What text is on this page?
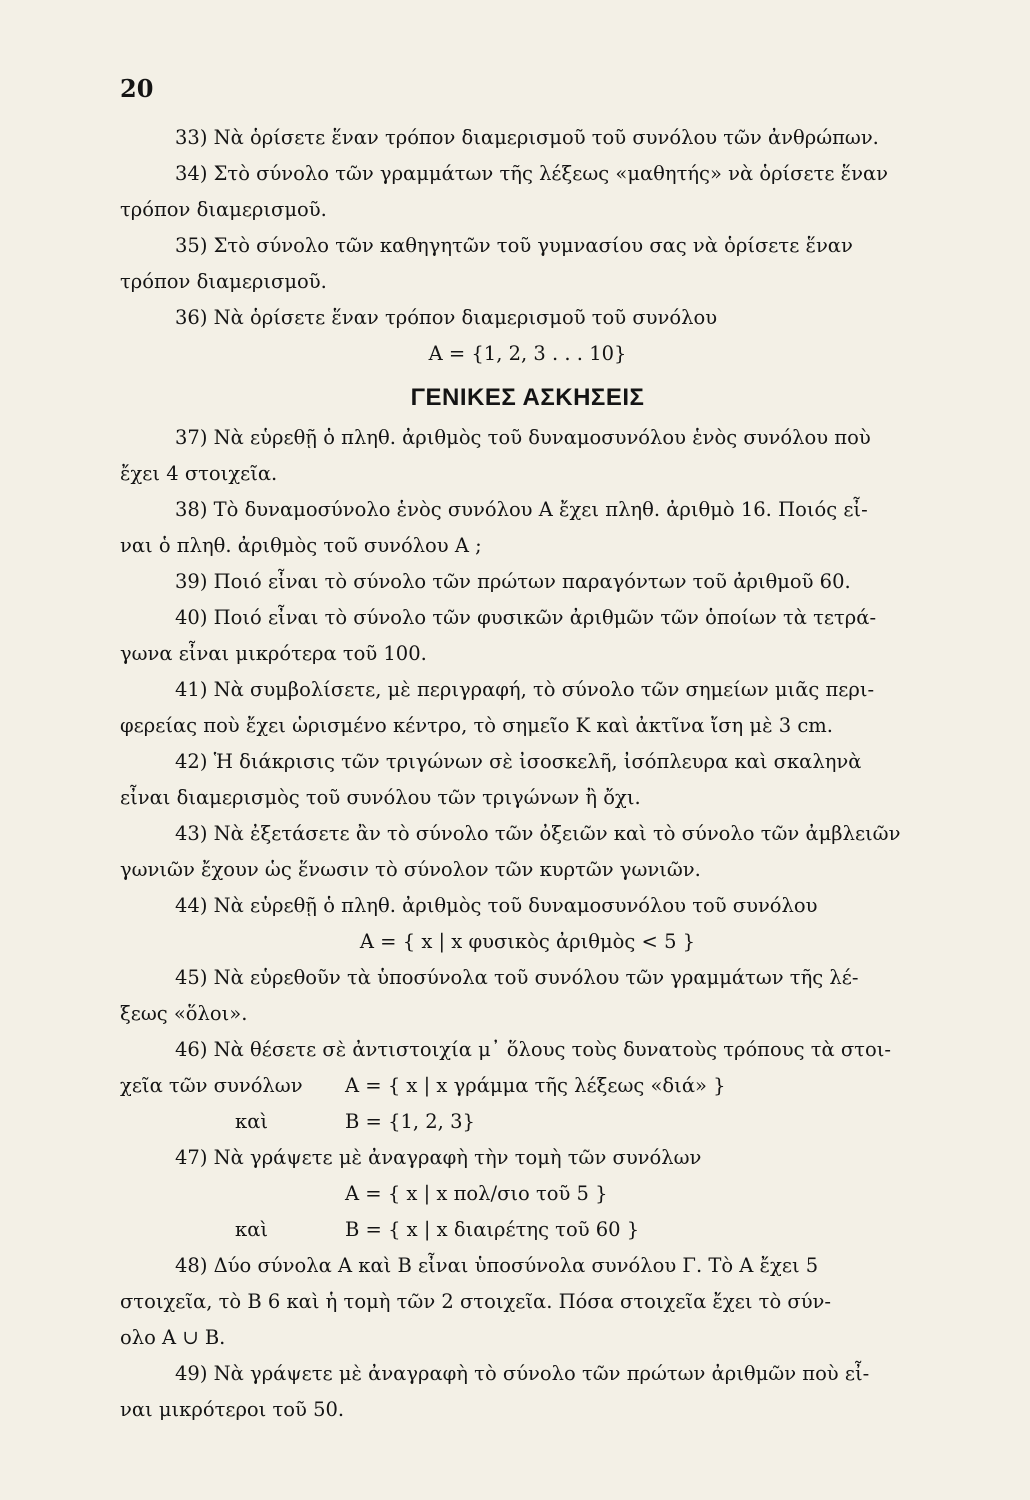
20

33) Νὰ ὁρίσετε ἕναν τρόπον διαμερισμοῦ τοῦ συνόλου τῶν ἀνθρώπων.

34) Στὸ σύνολο τῶν γραμμάτων τῆς λέξεως «μαθητής» νὰ ὁρίσετε ἕναν

τρόπον διαμερισμοῦ.

35) Στὸ σύνολο τῶν καθηγητῶν τοῦ γυμνασίου σας νὰ ὁρίσετε ἕναν

τρόπον διαμερισμοῦ.

36) Νὰ ὁρίσετε ἕναν τρόπον διαμερισμοῦ τοῦ συνόλου

A = {1, 2, 3 . . . 10}

ΓΕΝΙΚΕΣ ΑΣΚΗΣΕΙΣ

37) Νὰ εὑρεθῇ ὁ πληθ. ἀριθμὸς τοῦ δυναμοσυνόλου ἑνὸς συνόλου ποὺ

ἔχει 4 στοιχεῖα.

38) Τὸ δυναμοσύνολο ἑνὸς συνόλου A ἔχει πληθ. ἀριθμὸ 16. Ποιός εἶ-

ναι ὁ πληθ. ἀριθμὸς τοῦ συνόλου A ;

39) Ποιό εἶναι τὸ σύνολο τῶν πρώτων παραγόντων τοῦ ἀριθμοῦ 60.

40) Ποιό εἶναι τὸ σύνολο τῶν φυσικῶν ἀριθμῶν τῶν ὁποίων τὰ τετρά-

γωνα εἶναι μικρότερα τοῦ 100.

41) Νὰ συμβολίσετε, μὲ περιγραφή, τὸ σύνολο τῶν σημείων μιᾶς περι-

φερείας ποὺ ἔχει ὡρισμένο κέντρο, τὸ σημεῖο K καὶ ἀκτῖνα ἴση μὲ 3 cm.

42) Ἡ διάκρισις τῶν τριγώνων σὲ ἰσοσκελῆ, ἰσόπλευρα καὶ σκαληνὰ

εἶναι διαμερισμὸς τοῦ συνόλου τῶν τριγώνων ἢ ὄχι.

43) Νὰ ἐξετάσετε ἂν τὸ σύνολο τῶν ὀξειῶν καὶ τὸ σύνολο τῶν ἀμβλειῶν

γωνιῶν ἔχουν ὡς ἕνωσιν τὸ σύνολον τῶν κυρτῶν γωνιῶν.

44) Νὰ εὑρεθῇ ὁ πληθ. ἀριθμὸς τοῦ δυναμοσυνόλου τοῦ συνόλου

A = { x | x φυσικὸς ἀριθμὸς < 5 }

45) Νὰ εὑρεθοῦν τὰ ὑποσύνολα τοῦ συνόλου τῶν γραμμάτων τῆς λέ-

ξεως «ὅλοι».

46) Νὰ θέσετε σὲ ἀντιστοιχία μ᾽ ὅλους τοὺς δυνατοὺς τρόπους τὰ στοι-

χεῖα τῶν συνόλων	A = { x | x γράμμα τῆς λέξεως «διά» }
καὶ	B = {1, 2, 3}

47) Νὰ γράψετε μὲ ἀναγραφὴ τὴν τομὴ τῶν συνόλων

A = { x | x πολ/σιο τοῦ 5 }

καὶ	B = { x | x διαιρέτης τοῦ 60 }

48) Δύο σύνολα A καὶ B εἶναι ὑποσύνολα συνόλου Γ. Τὸ A ἔχει 5

στοιχεῖα, τὸ B 6 καὶ ἡ τομὴ τῶν 2 στοιχεῖα. Πόσα στοιχεῖα ἔχει τὸ σύν-

ολο A ∪ B.

49) Νὰ γράψετε μὲ ἀναγραφὴ τὸ σύνολο τῶν πρώτων ἀριθμῶν ποὺ εἶ-

ναι μικρότεροι τοῦ 50.
